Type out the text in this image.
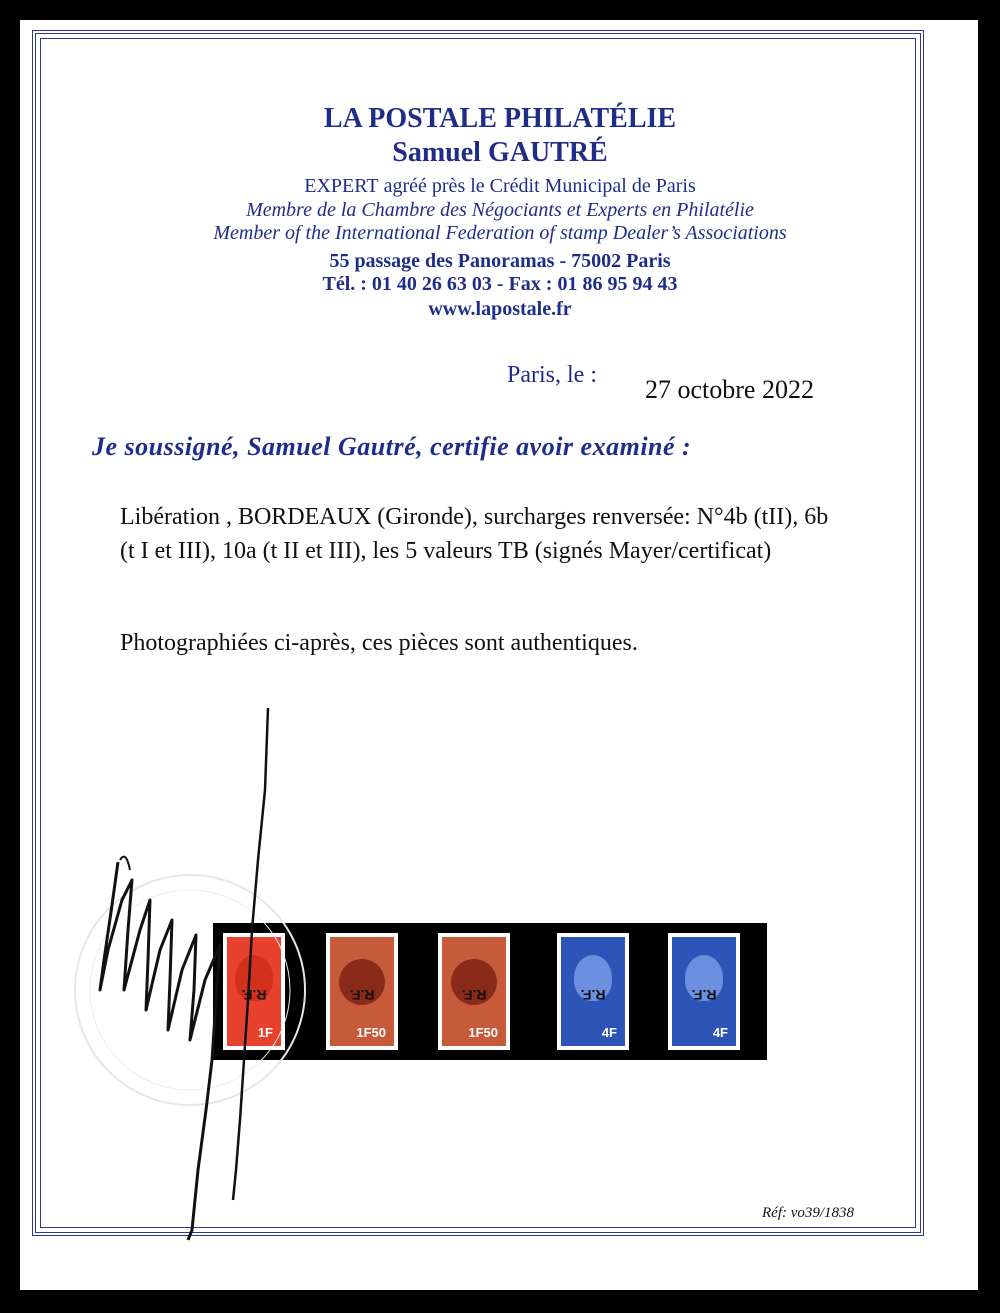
LA POSTALE PHILATÉLIE
Samuel GAUTRÉ
EXPERT agréé près le Crédit Municipal de Paris
Membre de la Chambre des Négociants et Experts en Philatélie
Member of the International Federation of stamp Dealer’s Associations
55 passage des Panoramas - 75002 Paris
Tél. : 01 40 26 63 03 - Fax : 01 86 95 94 43
www.lapostale.fr
Paris, le : 27 octobre 2022
Je soussigné, Samuel Gautré, certifie avoir examiné :
Libération , BORDEAUX (Gironde), surcharges renversée: N°4b (tII), 6b (t I et III), 10a (t II et III), les 5 valeurs TB (signés Mayer/certificat)
Photographiées ci-après, ces pièces sont authentiques.
R.F.
1F
R.F.
1F50
R.F.
1F50
R.F.
4F
R.F.
4F
Réf: vo39/1838
